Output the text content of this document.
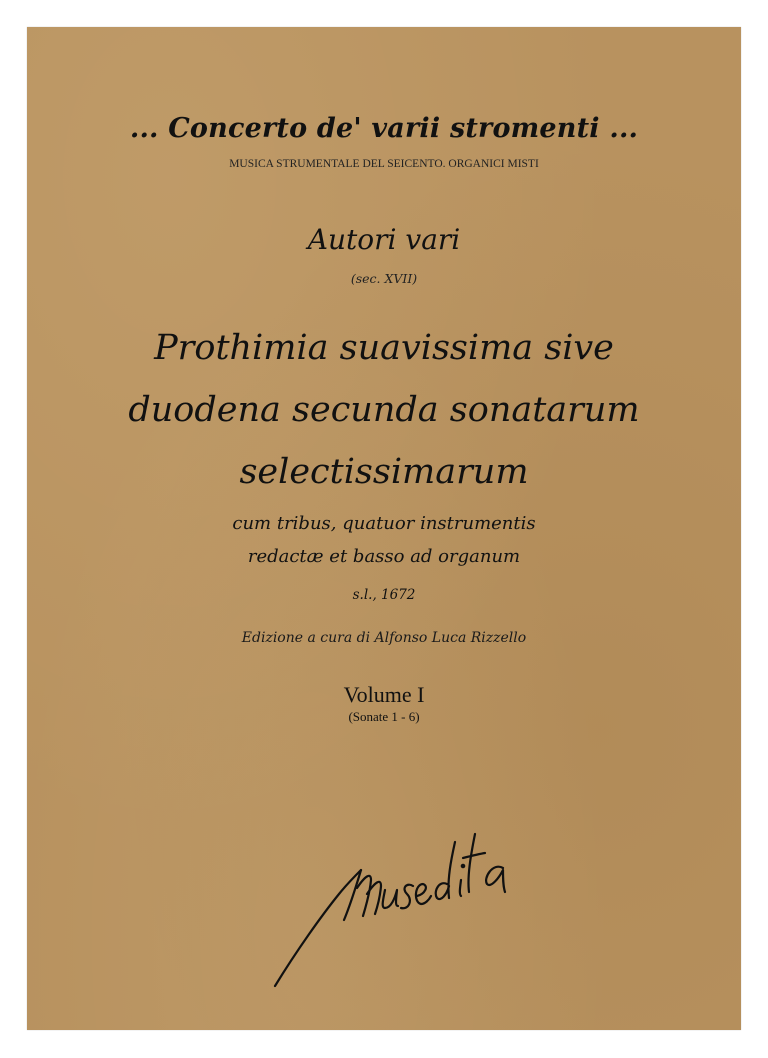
... Concerto de' varii stromenti ...
MUSICA STRUMENTALE DEL SEICENTO. ORGANICI MISTI
Autori vari
(sec. XVII)
Prothimia suavissima sive
duodena secunda sonatarum
selectissimarum
cum tribus, quatuor instrumentis
redactæ et basso ad organum
s.l., 1672
Edizione a cura di Alfonso Luca Rizzello
Volume I
(Sonate 1 - 6)
